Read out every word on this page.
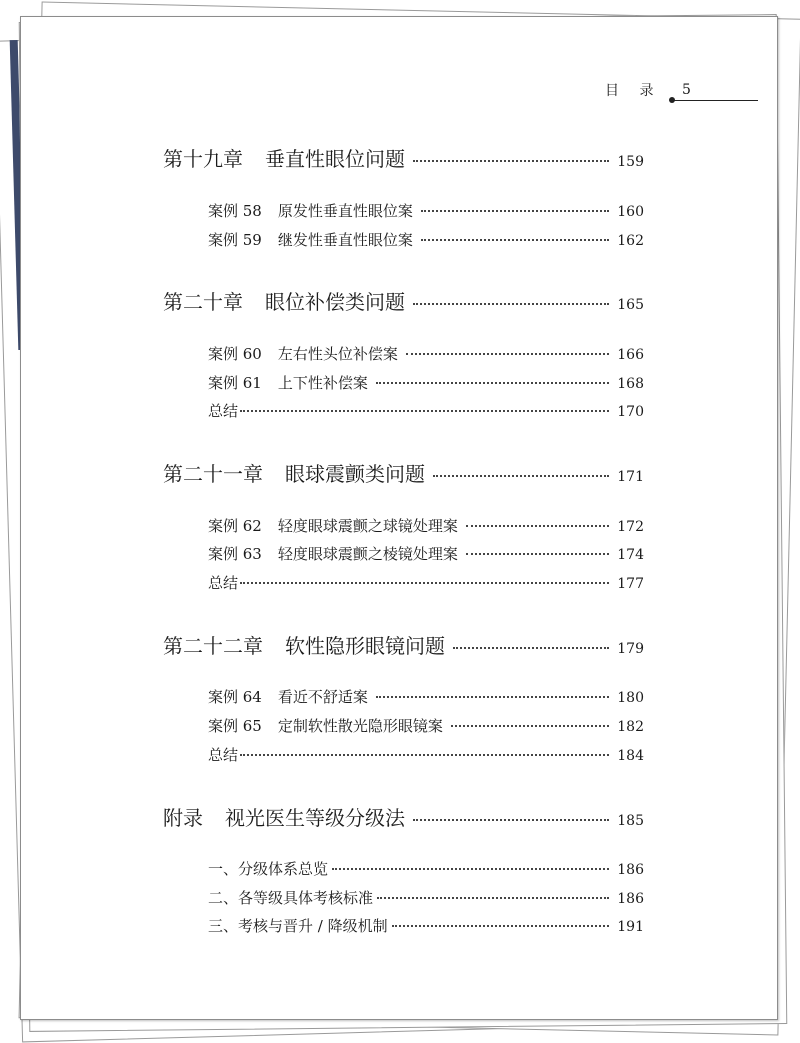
目 录 5
第十九章 垂直性眼位问题	159
案例 58 原发性垂直性眼位案	160
案例 59 继发性垂直性眼位案	162
第二十章 眼位补偿类问题	165
案例 60 左右性头位补偿案	166
案例 61 上下性补偿案	168
总结	170
第二十一章 眼球震颤类问题	171
案例 62 轻度眼球震颤之球镜处理案	172
案例 63 轻度眼球震颤之棱镜处理案	174
总结	177
第二十二章 软性隐形眼镜问题	179
案例 64 看近不舒适案	180
案例 65 定制软性散光隐形眼镜案	182
总结	184
附录 视光医生等级分级法	185
一、分级体系总览	186
二、各等级具体考核标准	186
三、考核与晋升 / 降级机制	191
